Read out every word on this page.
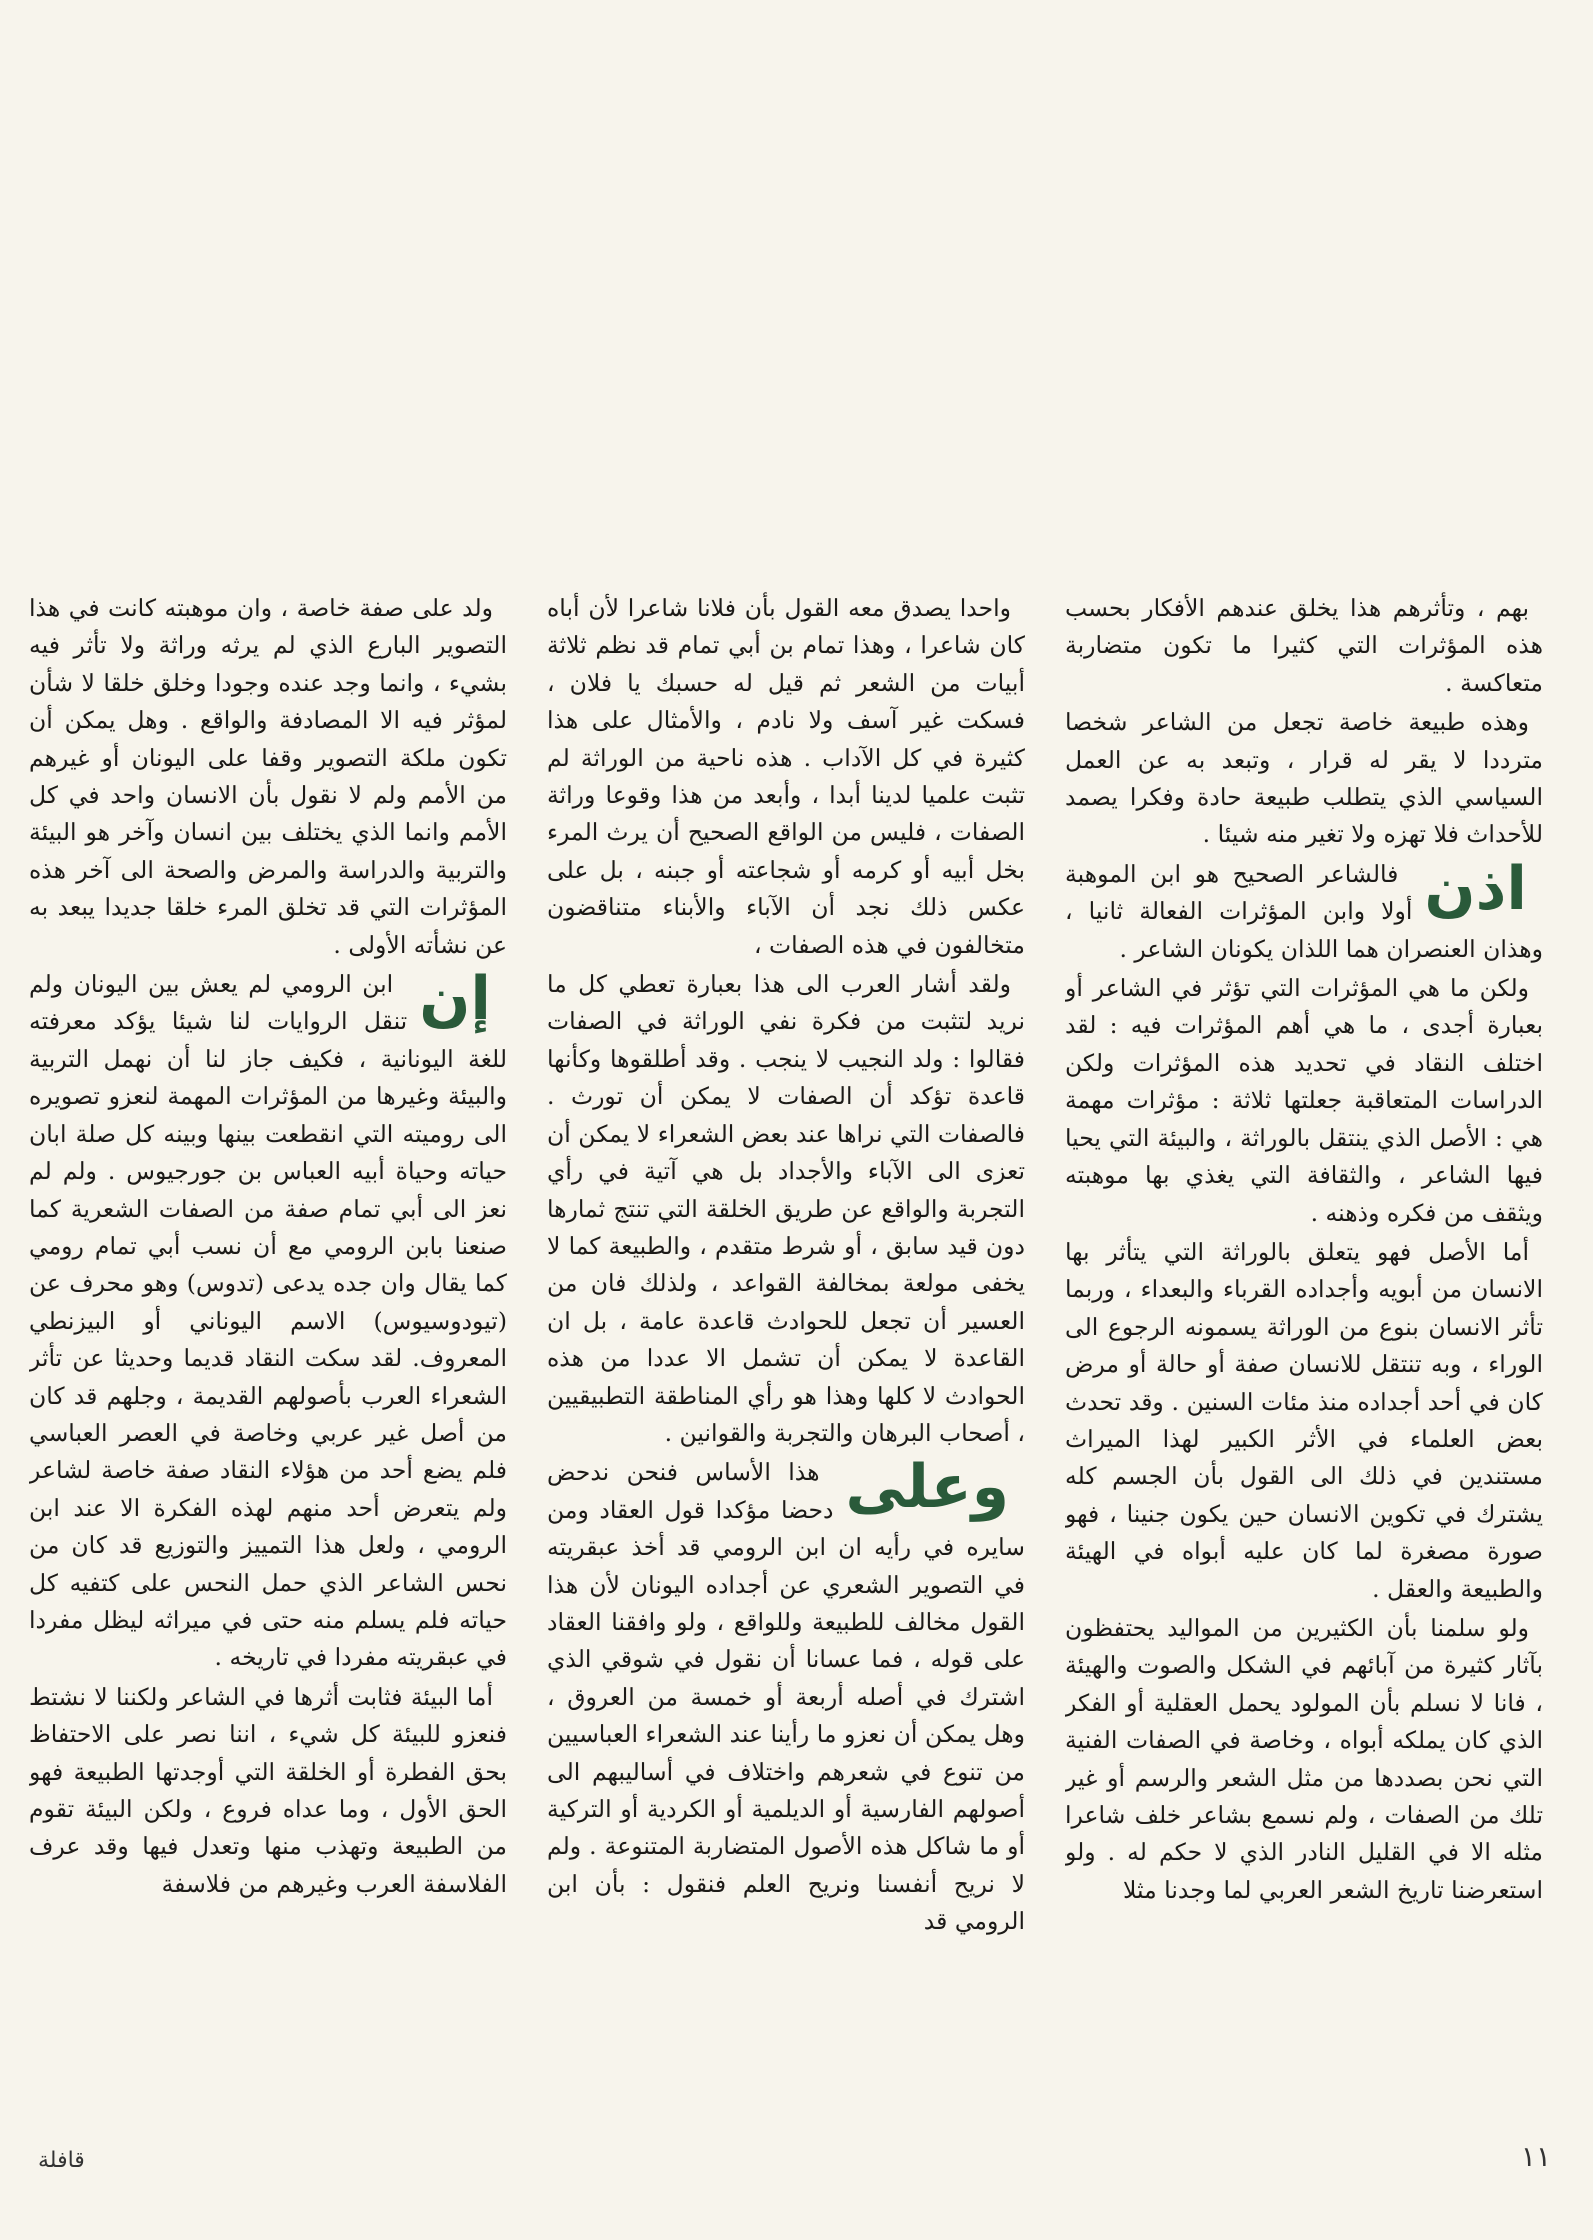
بهم ، وتأثرهم هذا يخلق عندهم الأفكار بحسب هذه المؤثرات التي كثيرا ما تكون متضاربة متعاكسة .

وهذه طبيعة خاصة تجعل من الشاعر شخصا مترددا لا يقر له قرار ، وتبعد به عن العمل السياسي الذي يتطلب طبيعة حادة وفكرا يصمد للأحداث فلا تهزه ولا تغير منه شيئا .

اذن
فالشاعر الصحيح هو ابن الموهبة أولا وابن المؤثرات الفعالة ثانيا ، وهذان العنصران هما اللذان يكونان الشاعر .

ولكن ما هي المؤثرات التي تؤثر في الشاعر أو بعبارة أجدى ، ما هي أهم المؤثرات فيه : لقد اختلف النقاد في تحديد هذه المؤثرات ولكن الدراسات المتعاقبة جعلتها ثلاثة : مؤثرات مهمة هي : الأصل الذي ينتقل بالوراثة ، والبيئة التي يحيا فيها الشاعر ، والثقافة التي يغذي بها موهبته ويثقف من فكره وذهنه .

أما الأصل فهو يتعلق بالوراثة التي يتأثر بها الانسان من أبويه وأجداده القرباء والبعداء ، وربما تأثر الانسان بنوع من الوراثة يسمونه الرجوع الى الوراء ، وبه تنتقل للانسان صفة أو حالة أو مرض كان في أحد أجداده منذ مئات السنين . وقد تحدث بعض العلماء في الأثر الكبير لهذا الميراث مستندين في ذلك الى القول بأن الجسم كله يشترك في تكوين الانسان حين يكون جنينا ، فهو صورة مصغرة لما كان عليه أبواه في الهيئة والطبيعة والعقل .

ولو سلمنا بأن الكثيرين من المواليد يحتفظون بآثار كثيرة من آبائهم في الشكل والصوت والهيئة ، فانا لا نسلم بأن المولود يحمل العقلية أو الفكر الذي كان يملكه أبواه ، وخاصة في الصفات الفنية التي نحن بصددها من مثل الشعر والرسم أو غير تلك من الصفات ، ولم نسمع بشاعر خلف شاعرا مثله الا في القليل النادر الذي لا حكم له . ولو استعرضنا تاريخ الشعر العربي لما وجدنا مثلا

واحدا يصدق معه القول بأن فلانا شاعرا لأن أباه كان شاعرا ، وهذا تمام بن أبي تمام قد نظم ثلاثة أبيات من الشعر ثم قيل له حسبك يا فلان ، فسكت غير آسف ولا نادم ، والأمثال على هذا كثيرة في كل الآداب . هذه ناحية من الوراثة لم تثبت علميا لدينا أبدا ، وأبعد من هذا وقوعا وراثة الصفات ، فليس من الواقع الصحيح أن يرث المرء بخل أبيه أو كرمه أو شجاعته أو جبنه ، بل على عكس ذلك نجد أن الآباء والأبناء متناقضون متخالفون في هذه الصفات ،

ولقد أشار العرب الى هذا بعبارة تعطي كل ما نريد لتثبت من فكرة نفي الوراثة في الصفات فقالوا : ولد النجيب لا ينجب . وقد أطلقوها وكأنها قاعدة تؤكد أن الصفات لا يمكن أن تورث . فالصفات التي نراها عند بعض الشعراء لا يمكن أن تعزى الى الآباء والأجداد بل هي آتية في رأي التجربة والواقع عن طريق الخلقة التي تنتج ثمارها دون قيد سابق ، أو شرط متقدم ، والطبيعة كما لا يخفى مولعة بمخالفة القواعد ، ولذلك فان من العسير أن تجعل للحوادث قاعدة عامة ، بل ان القاعدة لا يمكن أن تشمل الا عددا من هذه الحوادث لا كلها وهذا هو رأي المناطقة التطبيقيين ، أصحاب البرهان والتجربة والقوانين .

وعلى
هذا الأساس فنحن ندحض دحضا مؤكدا قول العقاد ومن سايره في رأيه ان ابن الرومي قد أخذ عبقريته في التصوير الشعري عن أجداده اليونان لأن هذا القول مخالف للطبيعة وللواقع ، ولو وافقنا العقاد على قوله ، فما عسانا أن نقول في شوقي الذي اشترك في أصله أربعة أو خمسة من العروق ، وهل يمكن أن نعزو ما رأينا عند الشعراء العباسيين من تنوع في شعرهم واختلاف في أساليبهم الى أصولهم الفارسية أو الديلمية أو الكردية أو التركية أو ما شاكل هذه الأصول المتضاربة المتنوعة . ولم لا نريح أنفسنا ونريح العلم فنقول : بأن ابن الرومي قد

ولد على صفة خاصة ، وان موهبته كانت في هذا التصوير البارع الذي لم يرثه وراثة ولا تأثر فيه بشيء ، وانما وجد عنده وجودا وخلق خلقا لا شأن لمؤثر فيه الا المصادفة والواقع . وهل يمكن أن تكون ملكة التصوير وقفا على اليونان أو غيرهم من الأمم ولم لا نقول بأن الانسان واحد في كل الأمم وانما الذي يختلف بين انسان وآخر هو البيئة والتربية والدراسة والمرض والصحة الى آخر هذه المؤثرات التي قد تخلق المرء خلقا جديدا يبعد به عن نشأته الأولى .

إن
ابن الرومي لم يعش بين اليونان ولم تنقل الروايات لنا شيئا يؤكد معرفته للغة اليونانية ، فكيف جاز لنا أن نهمل التربية والبيئة وغيرها من المؤثرات المهمة لنعزو تصويره الى روميته التي انقطعت بينها وبينه كل صلة ابان حياته وحياة أبيه العباس بن جورجيوس . ولم لم نعز الى أبي تمام صفة من الصفات الشعرية كما صنعنا بابن الرومي مع أن نسب أبي تمام رومي كما يقال وان جده يدعى (تدوس) وهو محرف عن (تيودوسيوس) الاسم اليوناني أو البيزنطي المعروف. لقد سكت النقاد قديما وحديثا عن تأثر الشعراء العرب بأصولهم القديمة ، وجلهم قد كان من أصل غير عربي وخاصة في العصر العباسي فلم يضع أحد من هؤلاء النقاد صفة خاصة لشاعر ولم يتعرض أحد منهم لهذه الفكرة الا عند ابن الرومي ، ولعل هذا التمييز والتوزيع قد كان من نحس الشاعر الذي حمل النحس على كتفيه كل حياته فلم يسلم منه حتى في ميراثه ليظل مفردا في عبقريته مفردا في تاريخه .

أما البيئة فثابت أثرها في الشاعر ولكننا لا نشتط فنعزو للبيئة كل شيء ، اننا نصر على الاحتفاظ بحق الفطرة أو الخلقة التي أوجدتها الطبيعة فهو الحق الأول ، وما عداه فروع ، ولكن البيئة تقوم من الطبيعة وتهذب منها وتعدل فيها وقد عرف الفلاسفة العرب وغيرهم من فلاسفة

قافلة	١١
